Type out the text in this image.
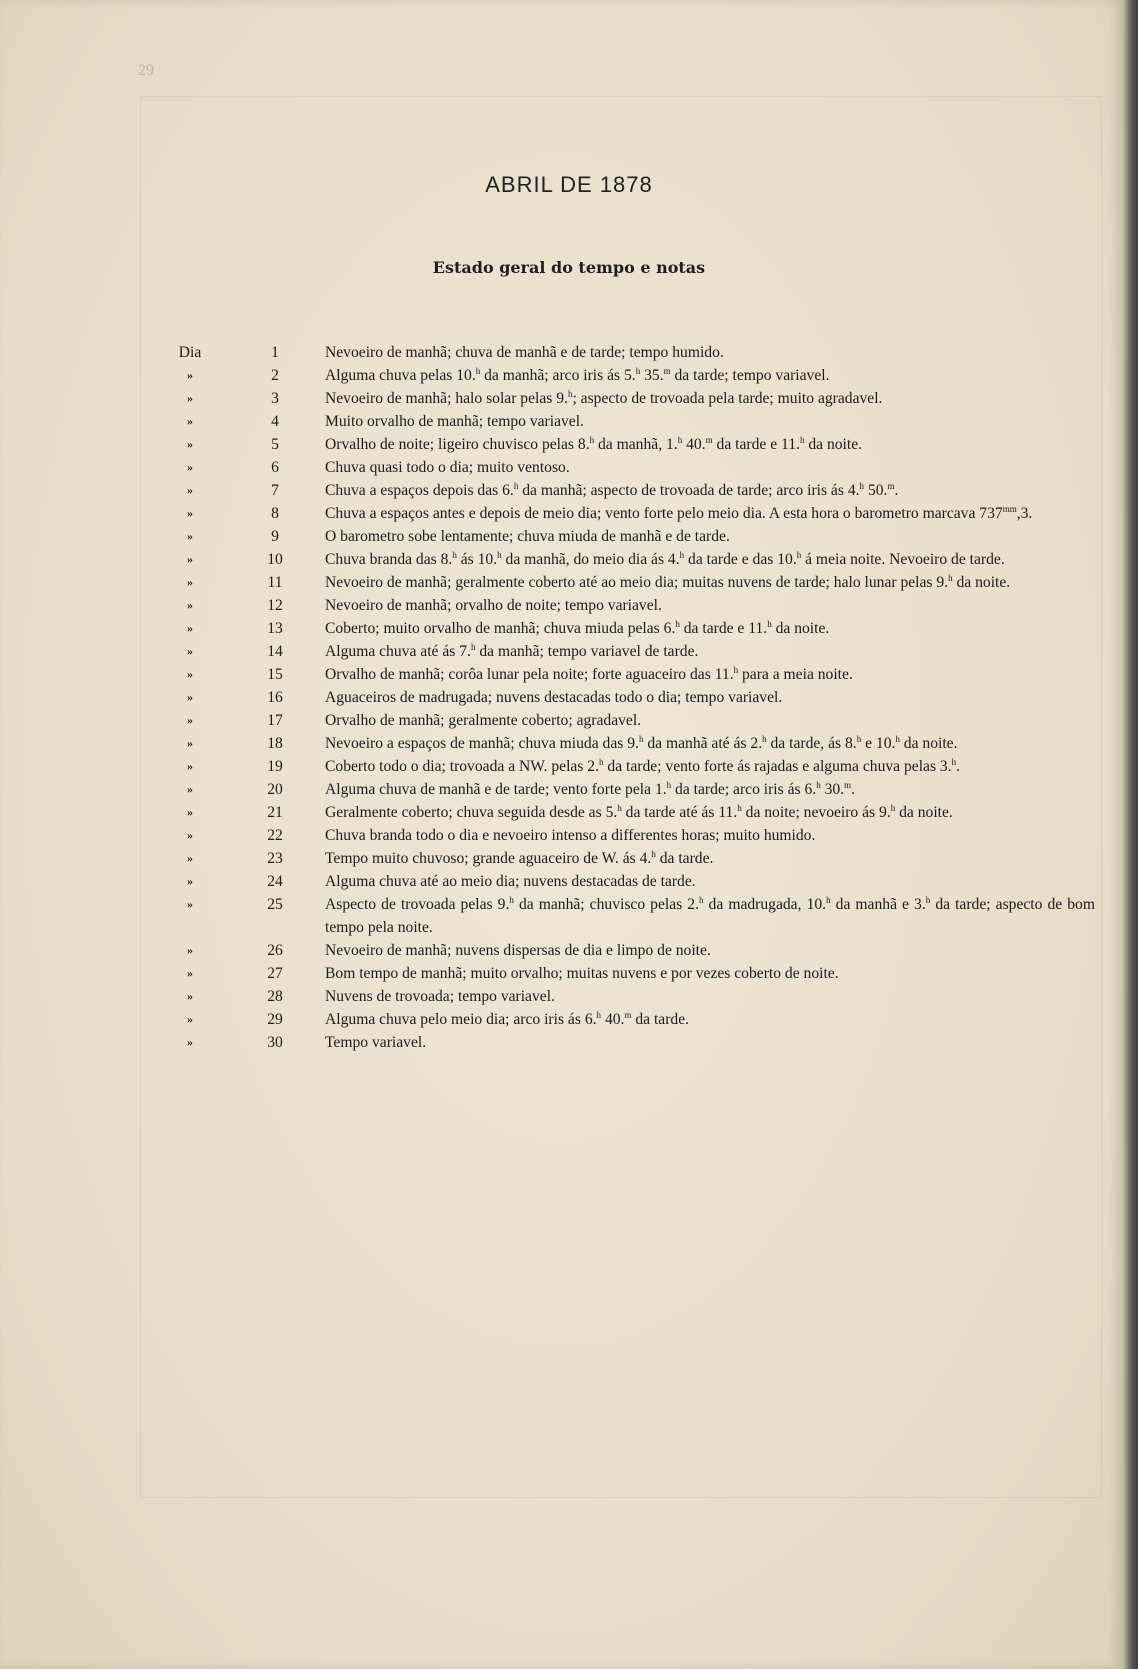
29
ABRIL DE 1878
Estado geral do tempo e notas
Dia	1	Nevoeiro de manhã; chuva de manhã e de tarde; tempo humido.
»	2	Alguma chuva pelas 10.$^h$ da manhã; arco iris ás 5.$^h$ 35.$^m$ da tarde; tempo variavel.
»	3	Nevoeiro de manhã; halo solar pelas 9.$^h$; aspecto de trovoada pela tarde; muito agradavel.
»	4	Muito orvalho de manhã; tempo variavel.
»	5	Orvalho de noite; ligeiro chuvisco pelas 8.$^h$ da manhã, 1.$^h$ 40.$^m$ da tarde e 11.$^h$ da noite.
»	6	Chuva quasi todo o dia; muito ventoso.
»	7	Chuva a espaços depois das 6.$^h$ da manhã; aspecto de trovoada de tarde; arco iris ás 4.$^h$ 50.$^m$.
»	8	Chuva a espaços antes e depois de meio dia; vento forte pelo meio dia. A esta hora o barometro marcava $737^{mm},3$.
»	9	O barometro sobe lentamente; chuva miuda de manhã e de tarde.
»	10	Chuva branda das 8.$^h$ ás 10.$^h$ da manhã, do meio dia ás 4.$^h$ da tarde e das 10.$^h$ á meia noite. Nevoeiro de tarde.
»	11	Nevoeiro de manhã; geralmente coberto até ao meio dia; muitas nuvens de tarde; halo lunar pelas 9.$^h$ da noite.
»	12	Nevoeiro de manhã; orvalho de noite; tempo variavel.
»	13	Coberto; muito orvalho de manhã; chuva miuda pelas 6.$^h$ da tarde e 11.$^h$ da noite.
»	14	Alguma chuva até ás 7.$^h$ da manhã; tempo variavel de tarde.
»	15	Orvalho de manhã; corôa lunar pela noite; forte aguaceiro das 11.$^h$ para a meia noite.
»	16	Aguaceiros de madrugada; nuvens destacadas todo o dia; tempo variavel.
»	17	Orvalho de manhã; geralmente coberto; agradavel.
»	18	Nevoeiro a espaços de manhã; chuva miuda das 9.$^h$ da manhã até ás 2.$^h$ da tarde, ás 8.$^h$ e 10.$^h$ da noite.
»	19	Coberto todo o dia; trovoada a NW. pelas 2.$^h$ da tarde; vento forte ás rajadas e alguma chuva pelas 3.$^h$.
»	20	Alguma chuva de manhã e de tarde; vento forte pela 1.$^h$ da tarde; arco iris ás 6.$^h$ 30.$^m$.
»	21	Geralmente coberto; chuva seguida desde as 5.$^h$ da tarde até ás 11.$^h$ da noite; nevoeiro ás 9.$^h$ da noite.
»	22	Chuva branda todo o dia e nevoeiro intenso a differentes horas; muito humido.
»	23	Tempo muito chuvoso; grande aguaceiro de W. ás 4.$^h$ da tarde.
»	24	Alguma chuva até ao meio dia; nuvens destacadas de tarde.
»	25	Aspecto de trovoada pelas 9.$^h$ da manhã; chuvisco pelas 2.$^h$ da madrugada, 10.$^h$ da manhã e 3.$^h$ da tarde; aspecto de bom tempo pela noite.
»	26	Nevoeiro de manhã; nuvens dispersas de dia e limpo de noite.
»	27	Bom tempo de manhã; muito orvalho; muitas nuvens e por vezes coberto de noite.
»	28	Nuvens de trovoada; tempo variavel.
»	29	Alguma chuva pelo meio dia; arco iris ás 6.$^h$ 40.$^m$ da tarde.
»	30	Tempo variavel.
